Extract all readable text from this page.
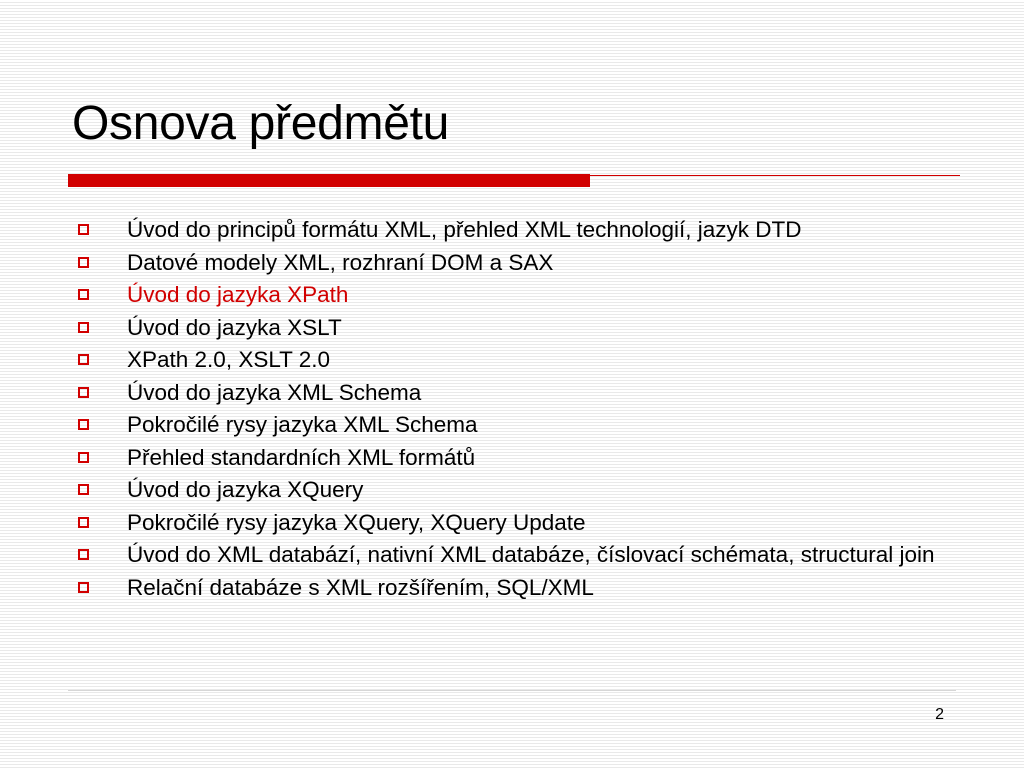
Osnova předmětu
Úvod do principů formátu XML, přehled XML technologií, jazyk DTD
Datové modely XML, rozhraní DOM a SAX
Úvod do jazyka XPath
Úvod do jazyka XSLT
XPath 2.0, XSLT 2.0
Úvod do jazyka XML Schema
Pokročilé rysy jazyka XML Schema
Přehled standardních XML formátů
Úvod do jazyka XQuery
Pokročilé rysy jazyka XQuery, XQuery Update
Úvod do XML databází, nativní XML databáze, číslovací schémata, structural join
Relační databáze s XML rozšířením, SQL/XML
2
